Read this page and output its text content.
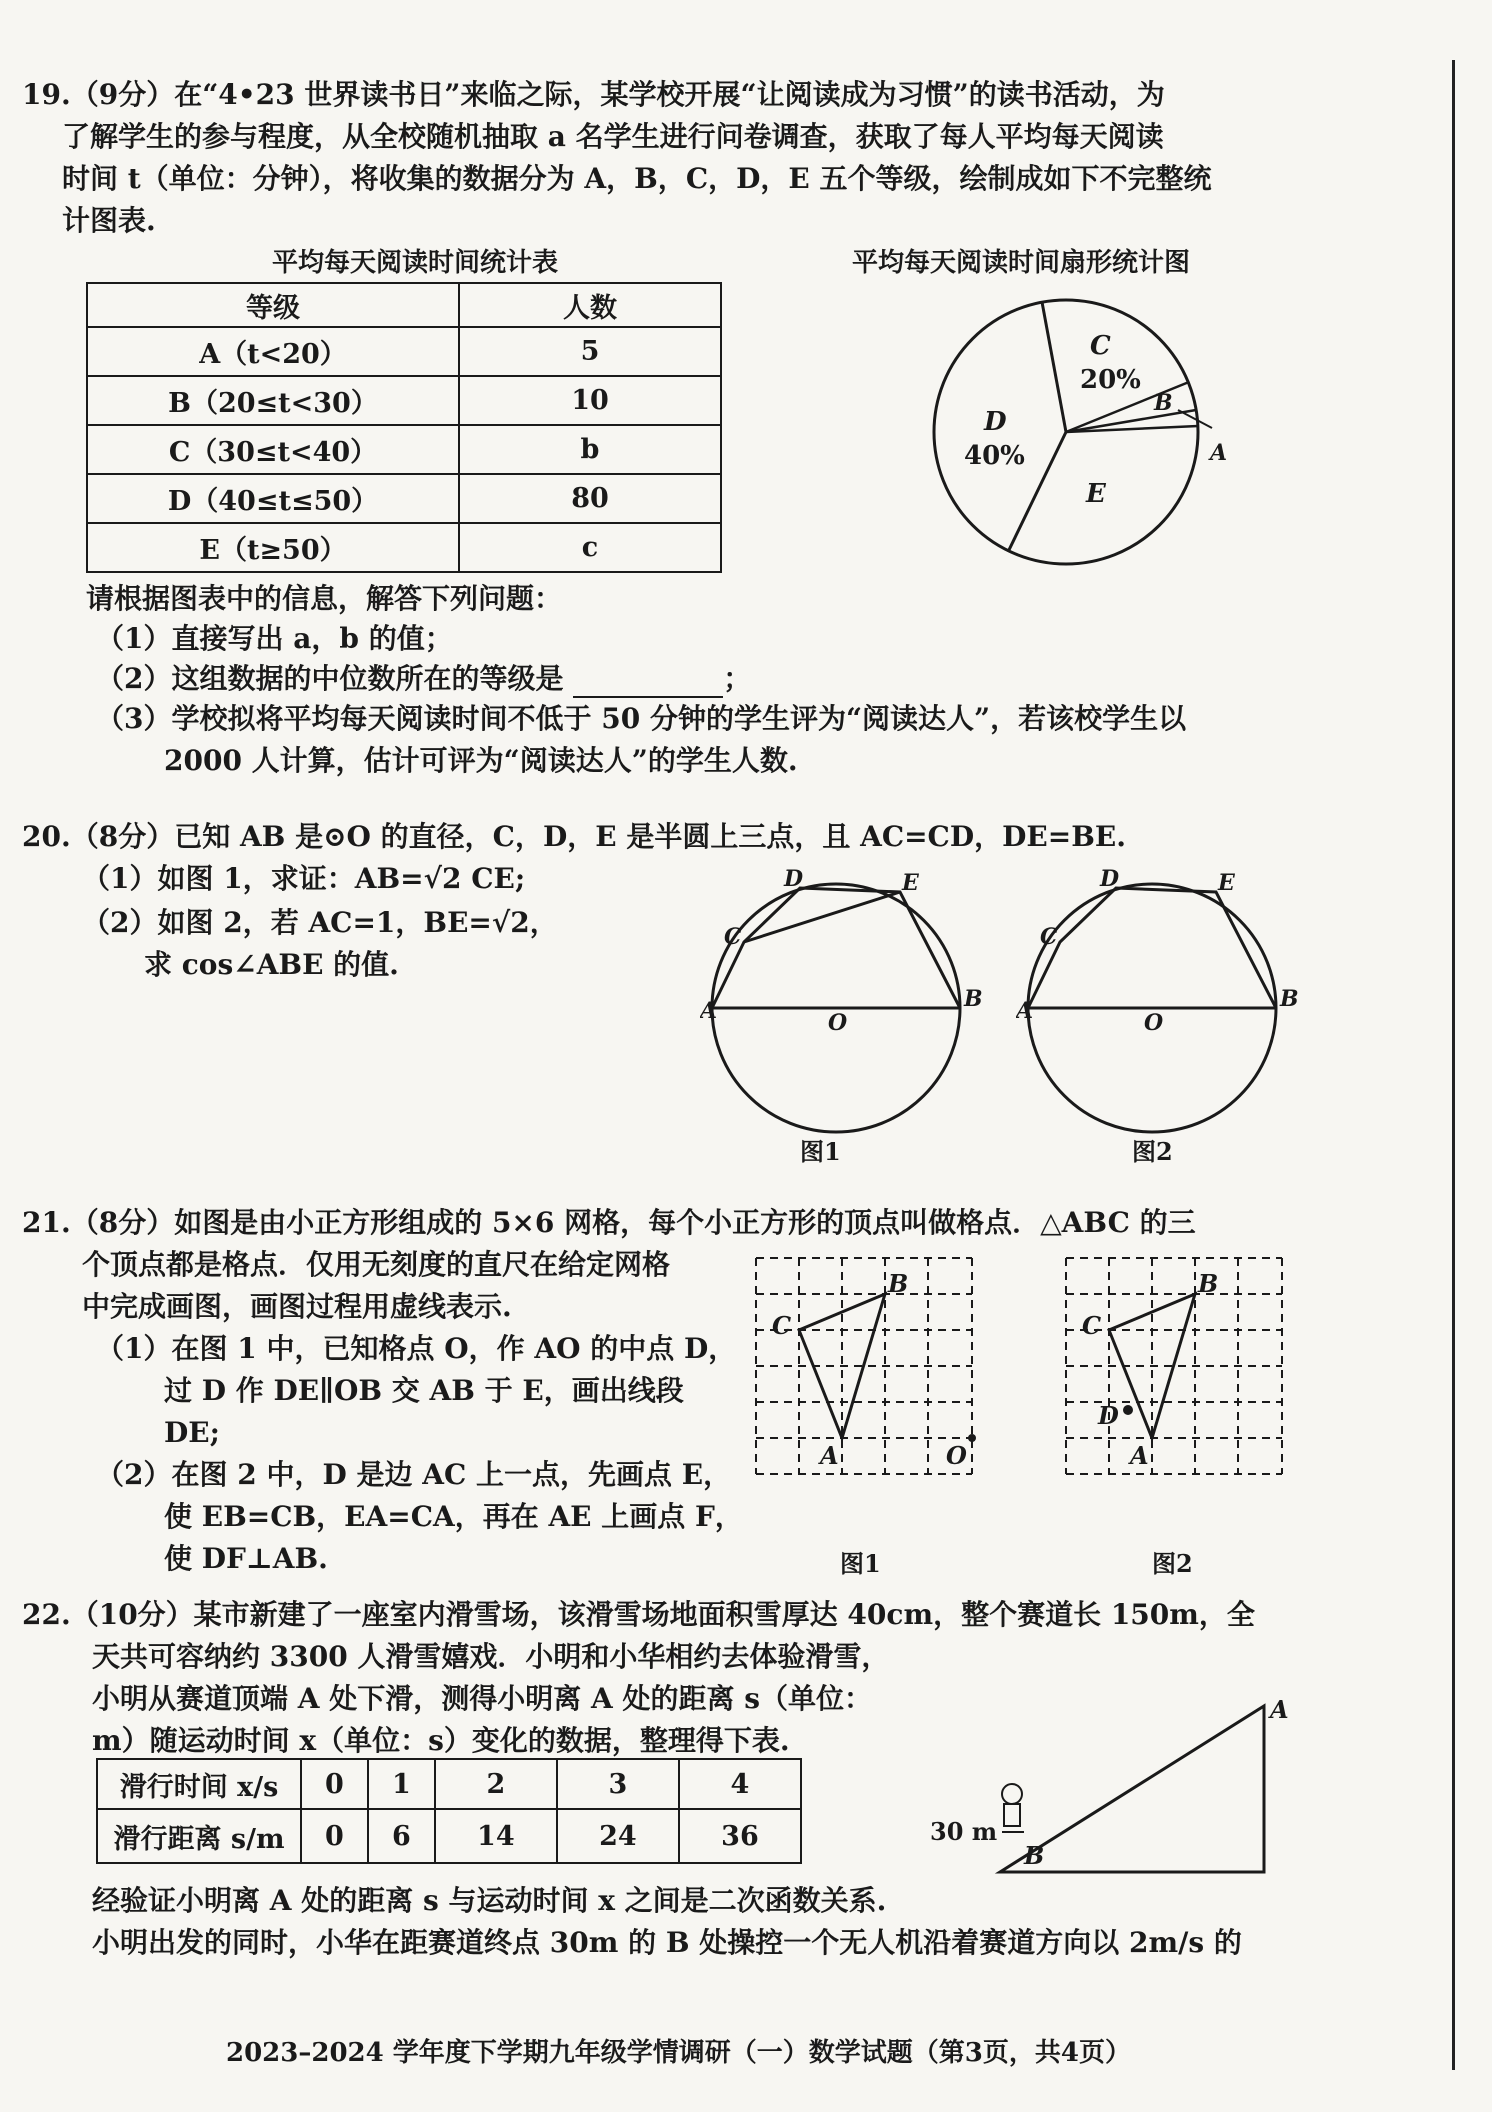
19.（9分）在“4•23 世界读书日”来临之际，某学校开展“让阅读成为习惯”的读书活动，为
了解学生的参与程度，从全校随机抽取 a 名学生进行问卷调查，获取了每人平均每天阅读
时间 t（单位：分钟），将收集的数据分为 A，B，C，D，E 五个等级，绘制成如下不完整统
计图表.
平均每天阅读时间统计表
等级	人数
A（t<20）	5
B（20≤t<30）	10
C（30≤t<40）	b
D（40≤t≤50）	80
E（t≥50）	c
平均每天阅读时间扇形统计图
C
20%
B
A
D
40%
E
请根据图表中的信息，解答下列问题：
（1）直接写出 a，b 的值；
（2）这组数据的中位数所在的等级是	；
（3）学校拟将平均每天阅读时间不低于 50 分钟的学生评为“阅读达人”，若该校学生以
2000 人计算，估计可评为“阅读达人”的学生人数.
20.（8分）已知 AB 是⊙O 的直径，C，D，E 是半圆上三点，且 AC=CD，DE=BE.
（1）如图 1，求证：AB=√2 CE;
（2）如图 2，若 AC=1，BE=√2，
求 cos∠ABE 的值.
A	B
C
D	E
O
图1
A	B
C
D	E
O
图2
21.（8分）如图是由小正方形组成的 5×6 网格，每个小正方形的顶点叫做格点．△ABC 的三
个顶点都是格点．仅用无刻度的直尺在给定网格
中完成画图，画图过程用虚线表示.
（1）在图 1 中，已知格点 O，作 AO 的中点 D，
过 D 作 DE∥OB 交 AB 于 E，画出线段
DE;
（2）在图 2 中，D 是边 AC 上一点，先画点 E，
使 EB=CB，EA=CA，再在 AE 上画点 F，
使 DF⊥AB.
B
C
A	O
图1
B
C
D
A
图2
22.（10分）某市新建了一座室内滑雪场，该滑雪场地面积雪厚达 40cm，整个赛道长 150m，全
天共可容纳约 3300 人滑雪嬉戏．小明和小华相约去体验滑雪，
小明从赛道顶端 A 处下滑，测得小明离 A 处的距离 s（单位：
m）随运动时间 x（单位：s）变化的数据，整理得下表.
滑行时间 x/s	0	1	2	3	4
滑行距离 s/m	0	6	14	24	36
A
B
30 m
经验证小明离 A 处的距离 s 与运动时间 x 之间是二次函数关系.
小明出发的同时，小华在距赛道终点 30m 的 B 处操控一个无人机沿着赛道方向以 2m/s 的
2023–2024 学年度下学期九年级学情调研（一）数学试题（第3页，共4页）
